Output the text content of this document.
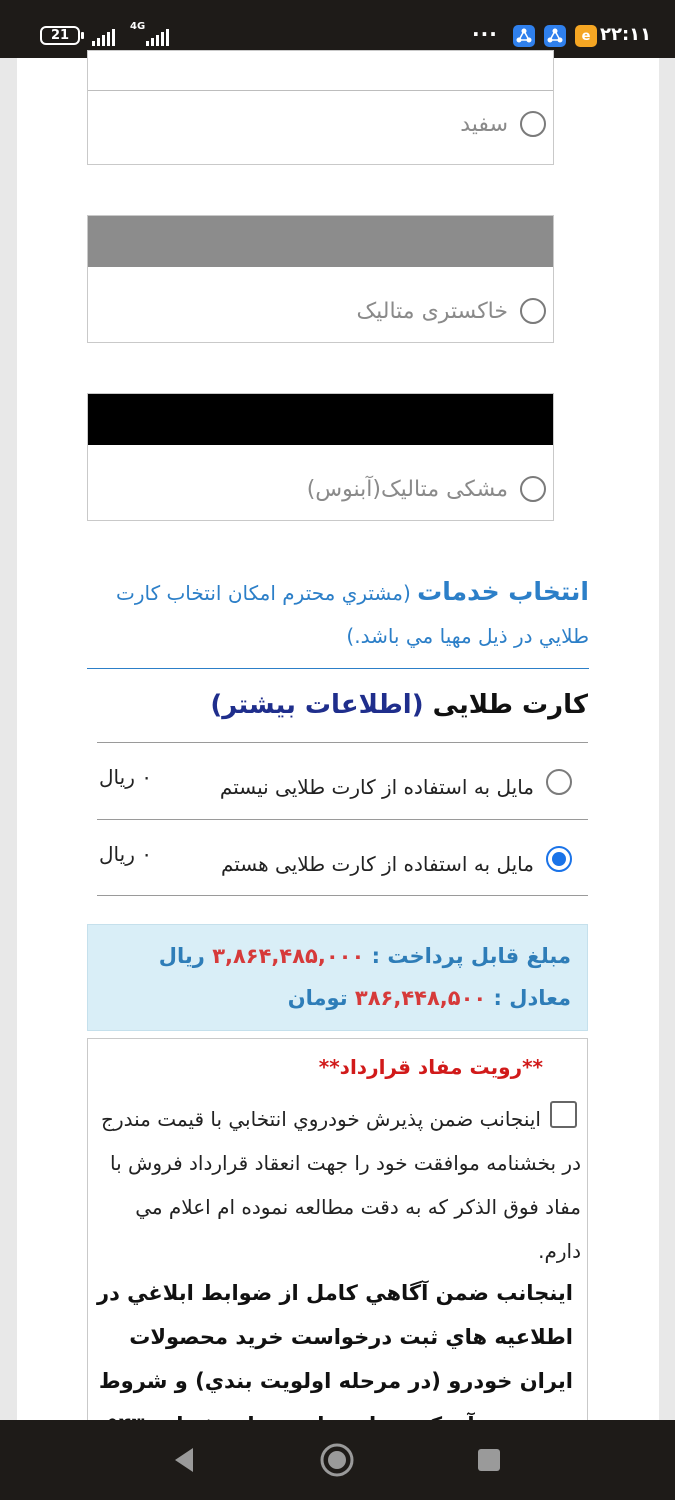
21
4G	···	e ۲۲:۱۱
سفید
خاکستری متالیک
مشکی متالیک(آبنوس)
انتخاب خدمات (مشتري محترم امکان انتخاب کارت طلايي در ذيل مهيا مي باشد.)
کارت طلایی (اطلاعات بیشتر)
مایل به استفاده از کارت طلایی نیستم
۰ ریال
مایل به استفاده از کارت طلایی هستم
۰ ریال
مبلغ قابل پرداخت : ۳,۸۶۴,۴۸۵,۰۰۰ ریال    معادل : ۳۸۶,۴۴۸,۵۰۰ تومان
**رویت مفاد قرارداد**
اينجانب ضمن پذيرش خودروي انتخابي با قيمت مندرج در بخشنامه موافقت خود را جهت انعقاد قرارداد فروش با مفاد فوق الذکر که به دقت مطالعه نموده ام اعلام مي دارم.
اينجانب ضمن آگاهي کامل از ضوابط ابلاغي در اطلاعيه هاي ثبت درخواست خريد محصولات ايران خودرو (در مرحله اولويت بندي) و شروط
